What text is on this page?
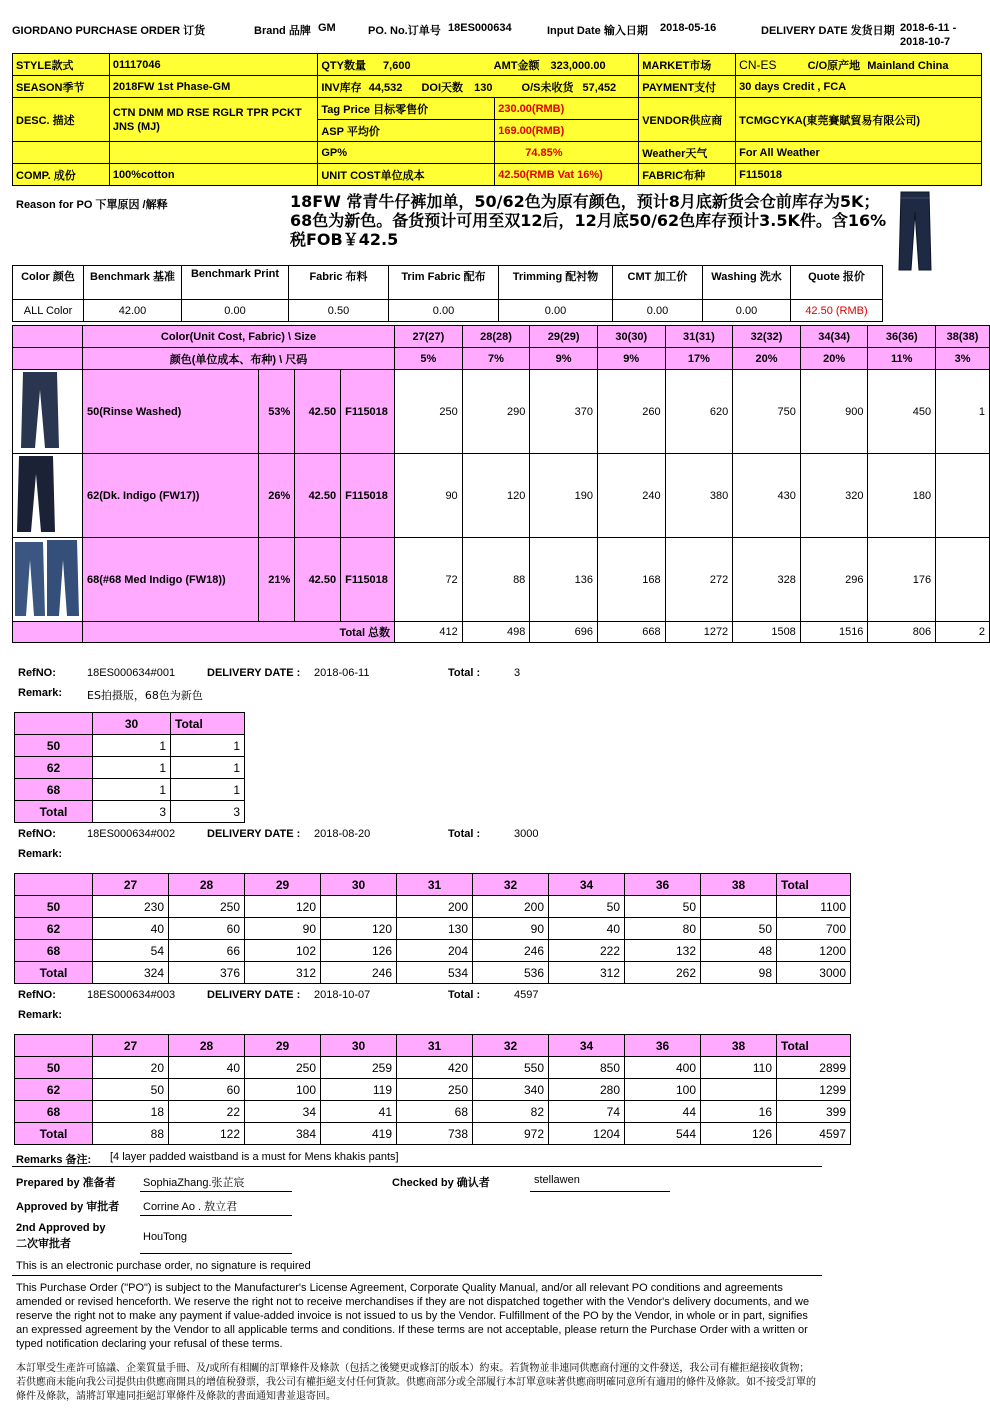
GIORDANO PURCHASE ORDER 订货	Brand 品牌 GM	PO. No.订单号 18ES000634	Input Date 输入日期 2018-05-16	DELIVERY DATE 发货日期 2018-6-11 -
2018-10-7
STYLE款式	01117046	QTY数量 7,600 AMT金额 323,000.00		MARKET市场	CN-ES C/O原产地 Mainland China
SEASON季节	2018FW 1st Phase-GM	INV库存 44,532 DOI天数 130 O/S未收货 57,452		PAYMENT支付	30 days Credit , FCA
DESC. 描述	CTN DNM MD RSE RGLR TPR PCKT JNS (MJ)	Tag Price 目标零售价	230.00(RMB)	VENDOR供应商	TCMGCYKA(東莞賽賦貿易有限公司)
		ASP 平均价	169.00(RMB)		
		GP%	74.85%	Weather天气	For All Weather
COMP. 成份	100%cotton	UNIT COST单位成本	42.50(RMB Vat 16%)	FABRIC布种	F115018
Reason for PO 下單原因 /解释	18FW 常青牛仔裤加单，50/62色为原有颜色，预计8月底新货会仓前库存为5K；68色为新色。备货预计可用至双12后，12月底50/62色库存预计3.5K件。含16%税FOB￥42.5
Color 颜色	Benchmark 基准	Benchmark Print	Fabric 布料	Trim Fabric 配布	Trimming 配衬物	CMT 加工价	Washing 洗水	Quote 报价
ALL Color	42.00	0.00	0.50	0.00	0.00	0.00	0.00	42.50 (RMB)
	Color(Unit Cost, Fabric) \ Size				27(27)	28(28)	29(29)	30(30)	31(31)	32(32)	34(34)	36(36)	38(38)
	颜色(单位成本、布种) \ 尺码				5%	7%	9%	9%	17%	20%	20%	11%	3%
	50(Rinse Washed)	53%	42.50	F115018	250	290	370	260	620	750	900	450	1
	62(Dk. Indigo (FW17))	26%	42.50	F115018	90	120	190	240	380	430	320	180	
	68(#68 Med Indigo (FW18))	21%	42.50	F115018	72	88	136	168	272	328	296	176	
	Total 总数				412	498	696	668	1272	1508	1516	806	2
RefNO:	18ES000634#001	DELIVERY DATE : 2018-06-11	Total :	3
Remark: ES拍摄版，68色为新色
	30	Total
50	1	1
62	1	1
68	1	1
Total	3	3
RefNO:	18ES000634#002	DELIVERY DATE : 2018-08-20	Total :	3000
Remark:
	27	28	29	30	31	32	34	36	38	Total
50	230	250	120		200	200	50	50		1100
62	40	60	90	120	130	90	40	80	50	700
68	54	66	102	126	204	246	222	132	48	1200
Total	324	376	312	246	534	536	312	262	98	3000
RefNO:	18ES000634#003	DELIVERY DATE : 2018-10-07	Total :	4597
Remark:
	27	28	29	30	31	32	34	36	38	Total
50	20	40	250	259	420	550	850	400	110	2899
62	50	60	100	119	250	340	280	100		1299
68	18	22	34	41	68	82	74	44	16	399
Total	88	122	384	419	738	972	1204	544	126	4597
Remarks 备注: [4 layer padded waistband is a must for Mens khakis pants]
Prepared by 准备者 SophiaZhang.张芷宸	Checked by 确认者	stellawen
Approved by 审批者 Corrine Ao . 敖立君
2nd Approved by
二次审批者
HouTong
This is an electronic purchase order, no signature is required
This Purchase Order ("PO") is subject to the Manufacturer's License Agreement, Corporate Quality Manual, and/or all relevant PO conditions and agreements amended or revised henceforth. We reserve the right not to receive merchandises if they are not dispatched together with the Vendor's delivery documents, and we reserve the right not to make any payment if value-added invoice is not issued to us by the Vendor. Fulfillment of the PO by the Vendor, in whole or in part, signifies an expressed agreement by the Vendor to all applicable terms and conditions. If these terms are not acceptable, please return the Purchase Order with a written or typed notification declaring your refusal of these terms.
本訂單受生產許可協議、企業質量手冊、及/或所有相關的訂單條件及條款（包括之後變更或修訂的版本）約束。若貨物並非連同供應商付運的文件發送，我公司有權拒絕接收貨物；若供應商未能向我公司提供由供應商開具的增值稅發票，我公司有權拒絕支付任何貨款。供應商部分或全部履行本訂單意味著供應商明確同意所有適用的條件及條款。如不接受訂單的條件及條款，請將訂單連同拒絕訂單條件及條款的書面通知書並退寄回。
